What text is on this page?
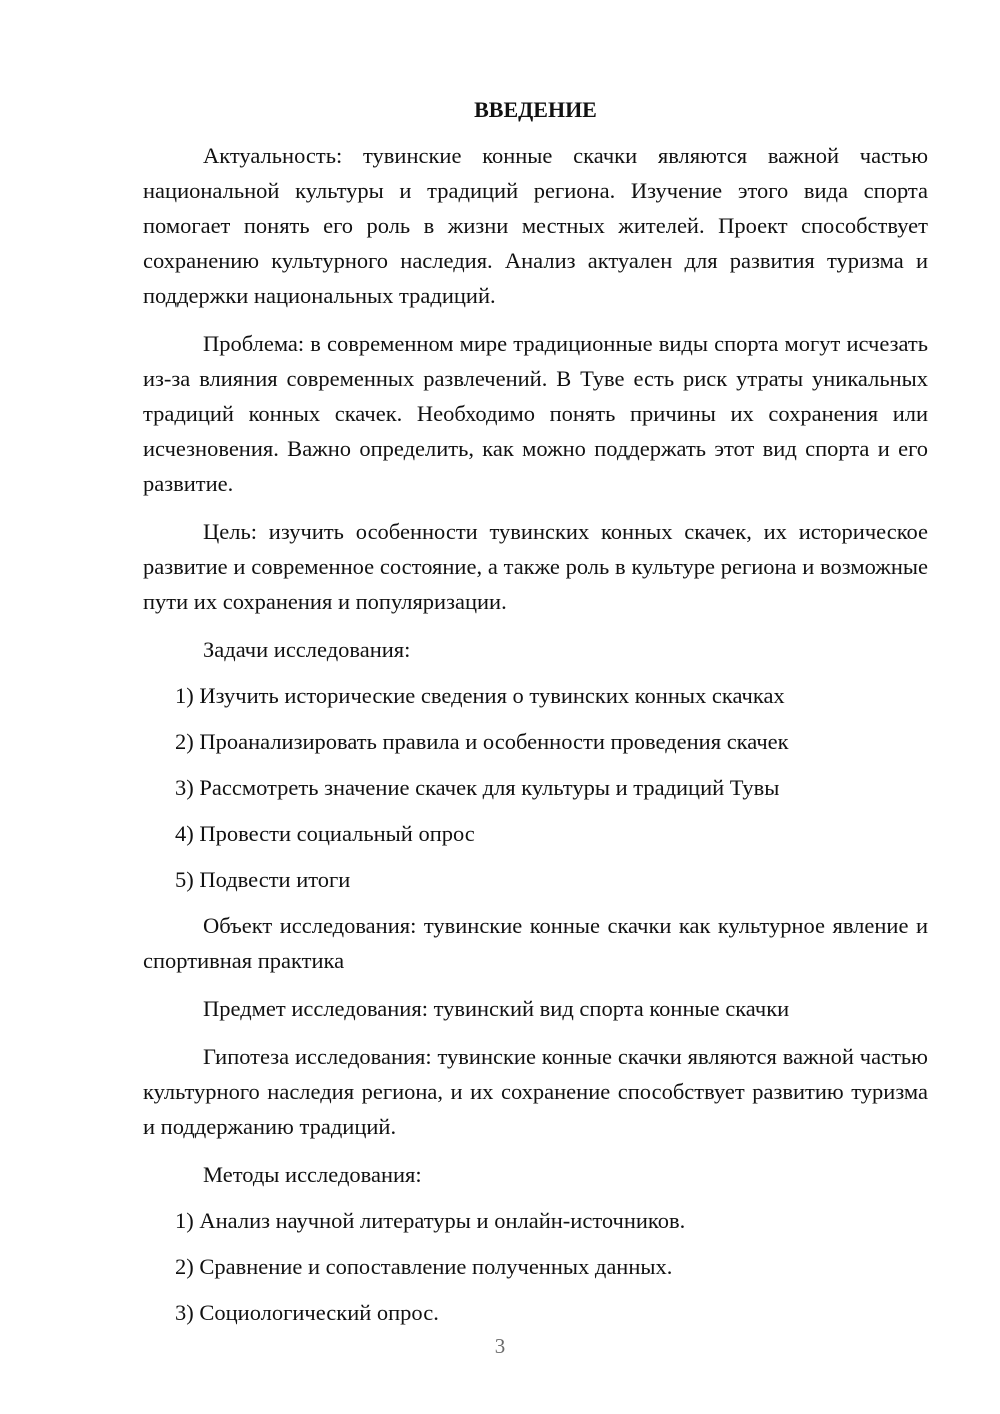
ВВЕДЕНИЕ

Актуальность: тувинские конные скачки являются важной частью национальной культуры и традиций региона. Изучение этого вида спорта помогает понять его роль в жизни местных жителей. Проект способствует сохранению культурного наследия. Анализ актуален для развития туризма и поддержки национальных традиций.

Проблема: в современном мире традиционные виды спорта могут исчезать из-за влияния современных развлечений. В Туве есть риск утраты уникальных традиций конных скачек. Необходимо понять причины их сохранения или исчезновения. Важно определить, как можно поддержать этот вид спорта и его развитие.

Цель: изучить особенности тувинских конных скачек, их историческое развитие и современное состояние, а также роль в культуре региона и возможные пути их сохранения и популяризации.

Задачи исследования:

1) Изучить исторические сведения о тувинских конных скачках
2) Проанализировать правила и особенности проведения скачек
3) Рассмотреть значение скачек для культуры и традиций Тувы
4) Провести социальный опрос
5) Подвести итоги

Объект исследования: тувинские конные скачки как культурное явление и спортивная практика

Предмет исследования: тувинский вид спорта конные скачки

Гипотеза исследования: тувинские конные скачки являются важной частью культурного наследия региона, и их сохранение способствует развитию туризма и поддержанию традиций.

Методы исследования:

1) Анализ научной литературы и онлайн-источников.
2) Сравнение и сопоставление полученных данных.
3) Социологический опрос.
3
